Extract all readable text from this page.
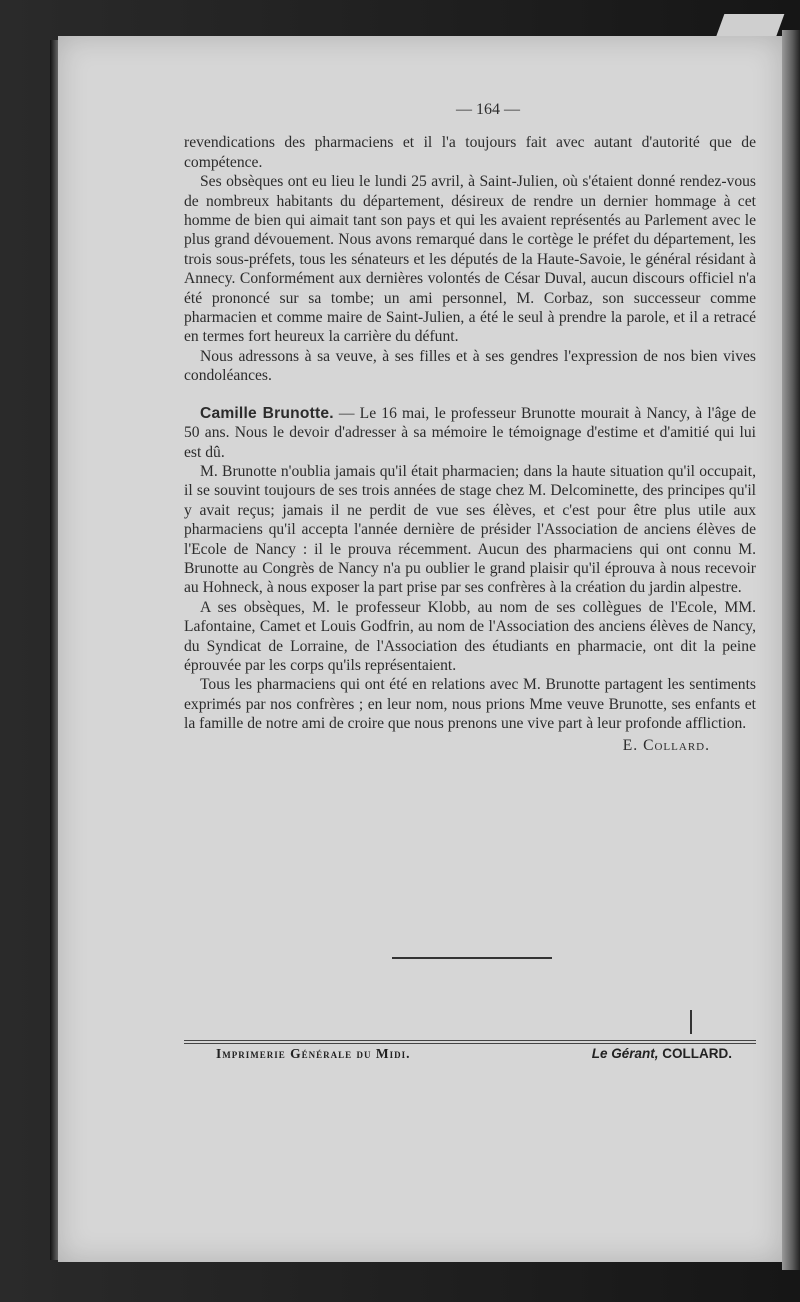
— 164 —

revendications des pharmaciens et il l'a toujours fait avec autant d'autorité que de compétence.

Ses obsèques ont eu lieu le lundi 25 avril, à Saint-Julien, où s'étaient donné rendez-vous de nombreux habitants du département, désireux de rendre un dernier hommage à cet homme de bien qui aimait tant son pays et qui les avaient représentés au Parlement avec le plus grand dévouement. Nous avons remarqué dans le cortège le préfet du département, les trois sous-préfets, tous les sénateurs et les députés de la Haute-Savoie, le général résidant à Annecy. Conformément aux dernières volontés de César Duval, aucun discours officiel n'a été prononcé sur sa tombe; un ami personnel, M. Corbaz, son successeur comme pharmacien et comme maire de Saint-Julien, a été le seul à prendre la parole, et il a retracé en termes fort heureux la carrière du défunt.

Nous adressons à sa veuve, à ses filles et à ses gendres l'expression de nos bien vives condoléances.

Camille Brunotte. — Le 16 mai, le professeur Brunotte mourait à Nancy, à l'âge de 50 ans. Nous le devoir d'adresser à sa mémoire le témoignage d'estime et d'amitié qui lui est dû.

M. Brunotte n'oublia jamais qu'il était pharmacien; dans la haute situation qu'il occupait, il se souvint toujours de ses trois années de stage chez M. Delcominette, des principes qu'il y avait reçus; jamais il ne perdit de vue ses élèves, et c'est pour être plus utile aux pharmaciens qu'il accepta l'année dernière de présider l'Association de anciens élèves de l'Ecole de Nancy : il le prouva récemment. Aucun des pharmaciens qui ont connu M. Brunotte au Congrès de Nancy n'a pu oublier le grand plaisir qu'il éprouva à nous recevoir au Hohneck, à nous exposer la part prise par ses confrères à la création du jardin alpestre.

A ses obsèques, M. le professeur Klobb, au nom de ses collègues de l'Ecole, MM. Lafontaine, Camet et Louis Godfrin, au nom de l'Association des anciens élèves de Nancy, du Syndicat de Lorraine, de l'Association des étudiants en pharmacie, ont dit la peine éprouvée par les corps qu'ils représentaient.

Tous les pharmaciens qui ont été en relations avec M. Brunotte partagent les sentiments exprimés par nos confrères ; en leur nom, nous prions Mme veuve Brunotte, ses enfants et la famille de notre ami de croire que nous prenons une vive part à leur profonde affliction.

E. Collard.
Imprimerie Générale du Midi.	Le Gérant, COLLARD.
